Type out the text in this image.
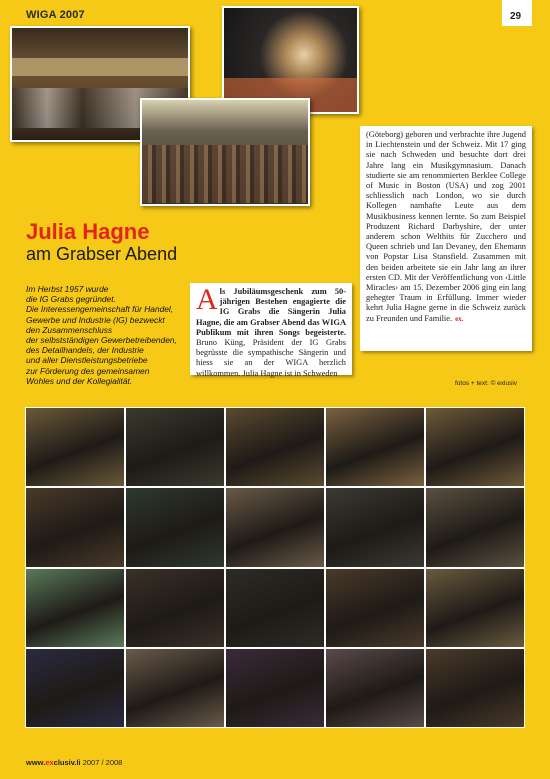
WIGA 2007	29
Julia Hagne
am Grabser Abend
Im Herbst 1957 wurde
die IG Grabs gegründet.
Die Interessengemeinschaft für Handel,
Gewerbe und Industrie (IG) bezweckt
den Zusammenschluss
der selbstständigen Gewerbetreibenden,
des Detailhandels, der Industrie
und aller Dienstleistungsbetriebe
zur Förderung des gemeinsamen
Wohles und der Kollegialität.
Als Jubiläumsgeschenk zum 50-jährigen Bestehen engagierte die IG Grabs die Sängerin Julia Hagne, die am Grabser Abend das WIGA Publikum mit ihren Songs begeisterte. Bruno Küng, Präsident der IG Grabs begrüsste die sympathische Sängerin und hiess sie an der WIGA herzlich willkommen. Julia Hagne ist in Schweden
(Göteborg) geboren und verbrachte ihre Jugend in Liechtenstein und der Schweiz. Mit 17 ging sie nach Schweden und besuchte dort drei Jahre lang ein Musikgymnasium. Danach studierte sie am renommierten Berklee College of Music in Boston (USA) und zog 2001 schliesslich nach London, wo sie durch Kollegen namhafte Leute aus dem Musikbusiness kennen lernte. So zum Beispiel Produzent Richard Darbyshire, der unter anderem schon Welthits für Zucchero und Queen schrieb und Ian Devaney, den Ehemann von Popstar Lisa Stansfield. Zusammen mit den beiden arbeitete sie ein Jahr lang an ihrer ersten CD. Mit der Veröffentlichung von ‹Little Miracles› am 15. Dezember 2006 ging ein lang gehegter Traum in Erfüllung. Immer wieder kehrt Julia Hagne gerne in die Schweiz zurück zu Freunden und Familie. ex.
fotos + text: © exlusiv
www.exclusiv.li 2007 / 2008
